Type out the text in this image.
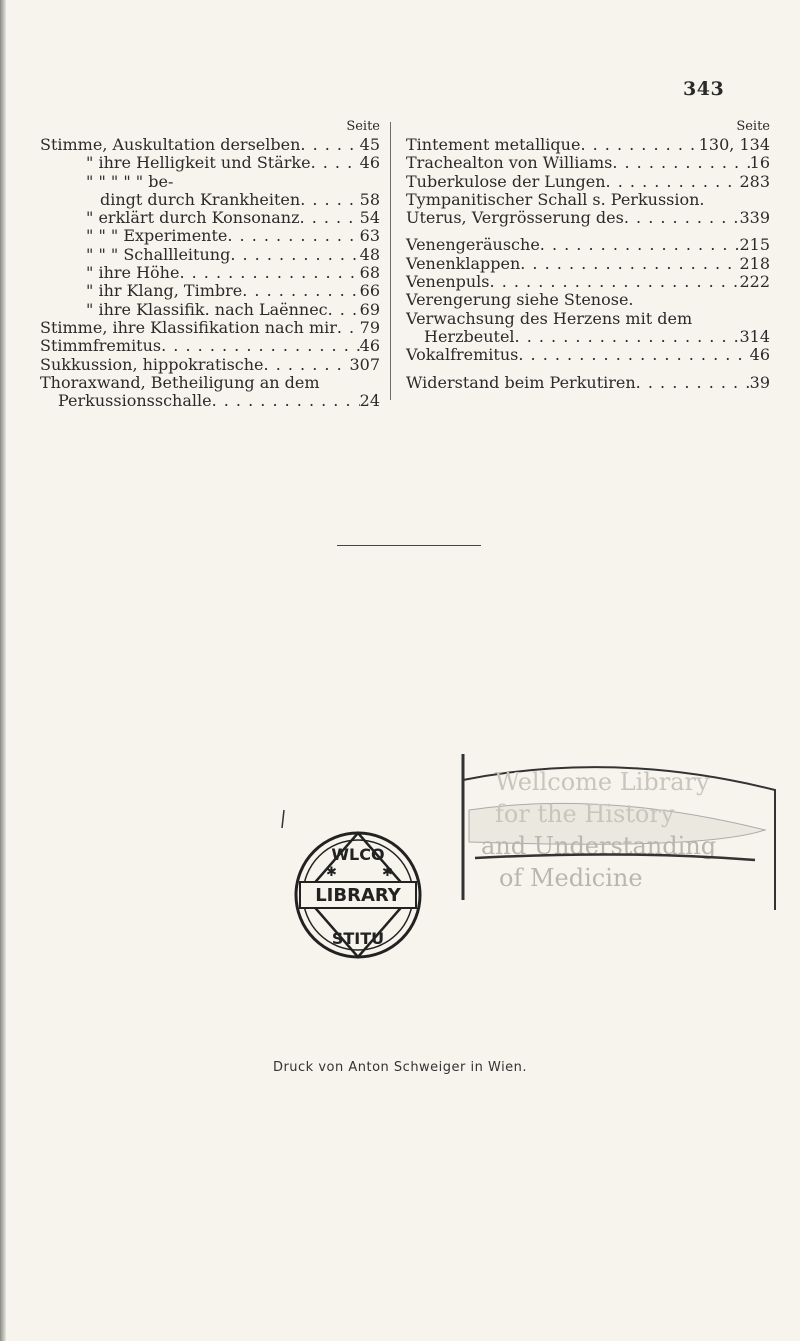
343
Seite
Stimme, Auskultation derselben . . .	45
" ihre Helligkeit und Stärke . . .	46
" " " " " be-
dingt durch Krankheiten . . .	58
" erklärt durch Konsonanz . . .	54
" " " Experimente . . .	63
" " " Schallleitung . . .	48
" ihre Höhe . . .	68
" ihr Klang, Timbre . . .	66
" ihre Klassifik. nach Laënnec . . . 69
Stimme, ihre Klassifikation nach mir . . . 79
Stimmfremitus . . .	46
Sukkussion, hippokratische . . .	307
Thoraxwand, Betheiligung an dem
Perkussionsschalle . . .	24
Seite
Tintement metallique . . .	130, 134
Trachealton von Williams . . .	16
Tuberkulose der Lungen . . .	283
Tympanitischer Schall s. Perkussion.
Uterus, Vergrösserung des . . .	339
Venengeräusche . . .	215
Venenklappen . . .	218
Venenpuls . . .	222
Verengerung siehe Stenose.
Verwachsung des Herzens mit dem
Herzbeutel . . .	314
Vokalfremitus . . .	46
Widerstand beim Perkutiren . . .	39
LIBRARY
WLCO
STITU
✱	✱
Wellcome Library
for the History
and Understanding
of Medicine
Druck von Anton Schweiger in Wien.
